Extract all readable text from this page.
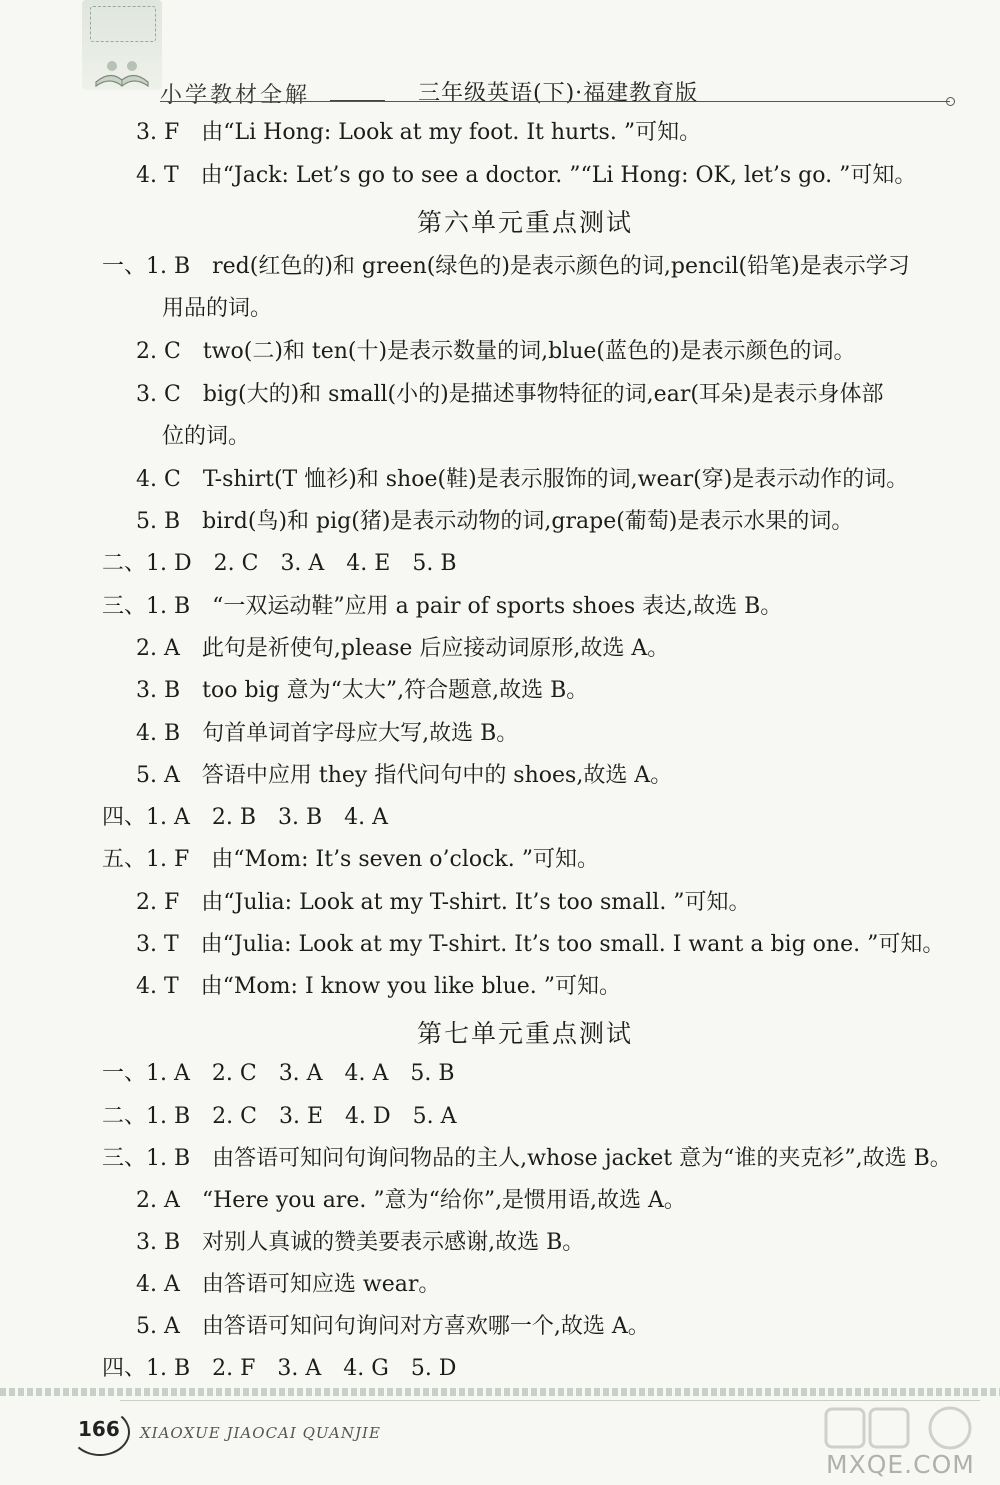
小学教材全解	三年级英语(下)·福建教育版
3. F　由“Li Hong: Look at my foot. It hurts. ”可知。
4. T　由“Jack: Let’s go to see a doctor. ”“Li Hong: OK, let’s go. ”可知。
第六单元重点测试
一、1. B　red(红色的)和 green(绿色的)是表示颜色的词,pencil(铅笔)是表示学习
用品的词。
2. C　two(二)和 ten(十)是表示数量的词,blue(蓝色的)是表示颜色的词。
3. C　big(大的)和 small(小的)是描述事物特征的词,ear(耳朵)是表示身体部
位的词。
4. C　T-shirt(T 恤衫)和 shoe(鞋)是表示服饰的词,wear(穿)是表示动作的词。
5. B　bird(鸟)和 pig(猪)是表示动物的词,grape(葡萄)是表示水果的词。
二、1. D　2. C　3. A　4. E　5. B
三、1. B　“一双运动鞋”应用 a pair of sports shoes 表达,故选 B。
2. A　此句是祈使句,please 后应接动词原形,故选 A。
3. B　too big 意为“太大”,符合题意,故选 B。
4. B　句首单词首字母应大写,故选 B。
5. A　答语中应用 they 指代问句中的 shoes,故选 A。
四、1. A　2. B　3. B　4. A
五、1. F　由“Mom: It’s seven o’clock. ”可知。
2. F　由“Julia: Look at my T-shirt. It’s too small. ”可知。
3. T　由“Julia: Look at my T-shirt. It’s too small. I want a big one. ”可知。
4. T　由“Mom: I know you like blue. ”可知。
第七单元重点测试
一、1. A　2. C　3. A　4. A　5. B
二、1. B　2. C　3. E　4. D　5. A
三、1. B　由答语可知问句询问物品的主人,whose jacket 意为“谁的夹克衫”,故选 B。
2. A　“Here you are. ”意为“给你”,是惯用语,故选 A。
3. B　对别人真诚的赞美要表示感谢,故选 B。
4. A　由答语可知应选 wear。
5. A　由答语可知问句询问对方喜欢哪一个,故选 A。
四、1. B　2. F　3. A　4. G　5. D
166 XIAOXUE JIAOCAI QUANJIE
MXQE.COM
